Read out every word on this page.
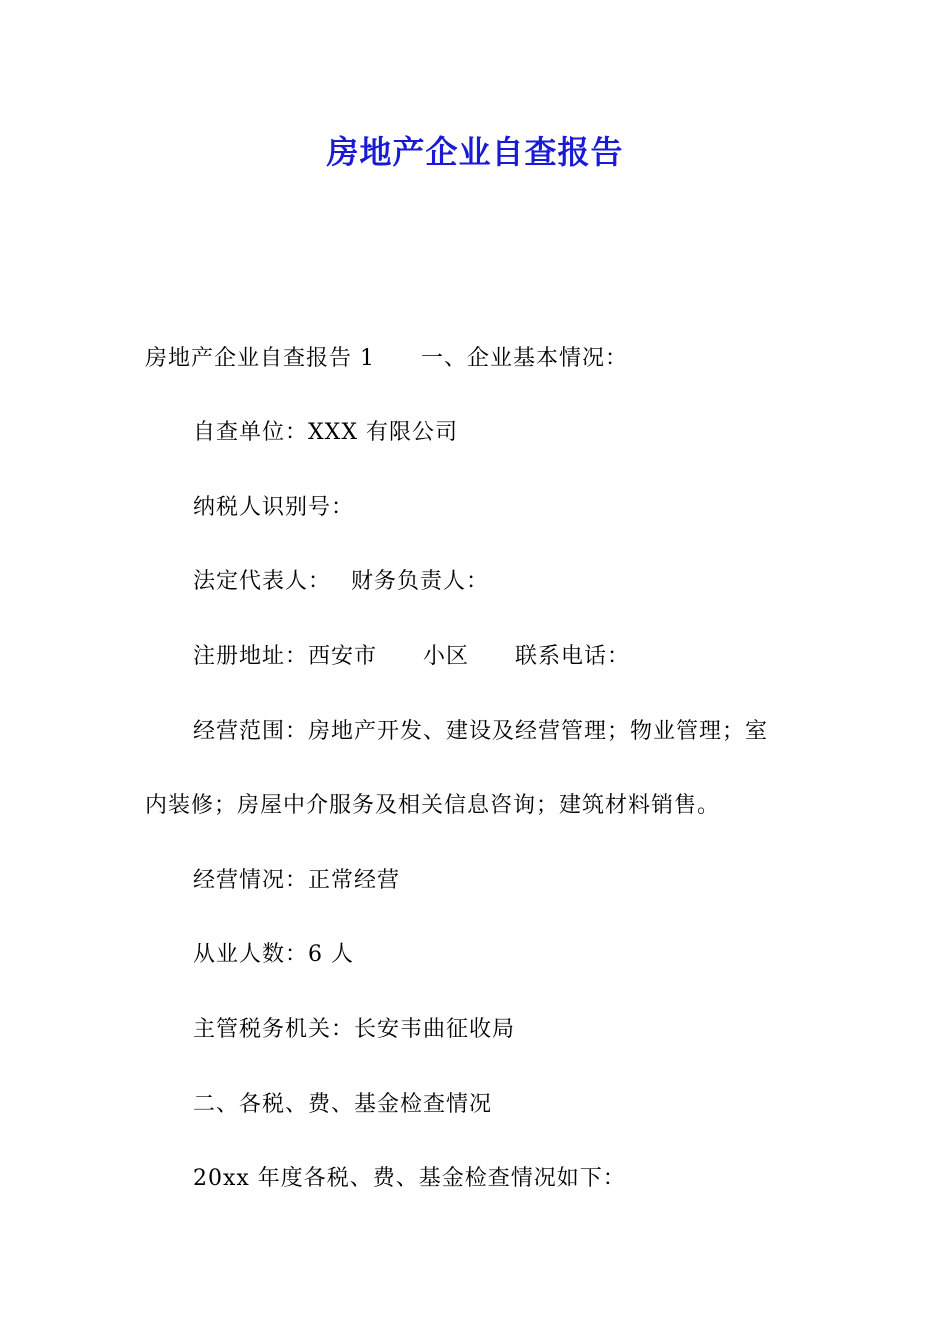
房地产企业自查报告
房地产企业自查报告 1　　一、企业基本情况：
自查单位：XXX 有限公司
纳税人识别号：
法定代表人：　 财务负责人：
注册地址：西安市　　小区　　联系电话：
经营范围：房地产开发、建设及经营管理；物业管理；室
内装修；房屋中介服务及相关信息咨询；建筑材料销售。
经营情况：正常经营
从业人数：6 人
主管税务机关：长安韦曲征收局
二、各税、费、基金检查情况
20xx 年度各税、费、基金检查情况如下：
